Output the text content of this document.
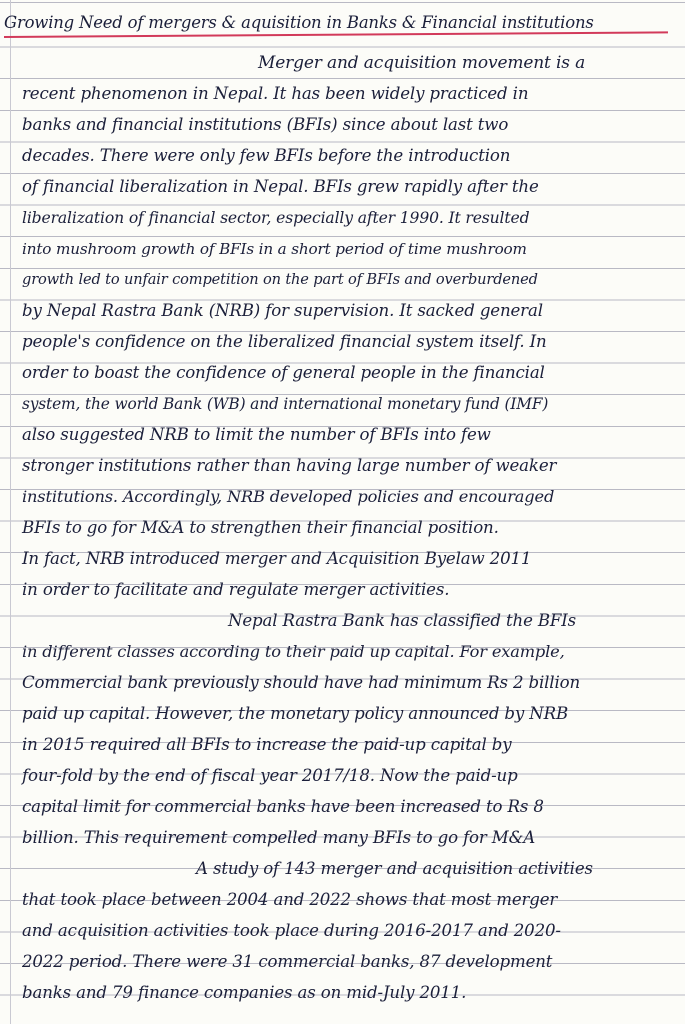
Growing Need of mergers & aquisition in Banks & Financial institutions
Merger and acquisition movement is a
recent phenomenon in Nepal. It has been widely practiced in
banks and financial institutions (BFIs) since about last two
decades. There were only few BFIs before the introduction
of financial liberalization in Nepal. BFIs grew rapidly after the
liberalization of financial sector, especially after 1990. It resulted
into mushroom growth of BFIs in a short period of time mushroom
growth led to unfair competition on the part of BFIs and overburdened
by Nepal Rastra Bank (NRB) for supervision. It sacked general
people's confidence on the liberalized financial system itself. In
order to boast the confidence of general people in the financial
system, the world Bank (WB) and international monetary fund (IMF)
also suggested NRB to limit the number of BFIs into few
stronger institutions rather than having large number of weaker
institutions. Accordingly, NRB developed policies and encouraged
BFIs to go for M&A to strengthen their financial position.
In fact, NRB introduced merger and Acquisition Byelaw 2011
in order to facilitate and regulate merger activities.
Nepal Rastra Bank has classified the BFIs
in different classes according to their paid up capital. For example,
Commercial bank previously should have had minimum Rs 2 billion
paid up capital. However, the monetary policy announced by NRB
in 2015 required all BFIs to increase the paid-up capital by
four-fold by the end of fiscal year 2017/18. Now the paid-up
capital limit for commercial banks have been increased to Rs 8
billion. This requirement compelled many BFIs to go for M&A
A study of 143 merger and acquisition activities
that took place between 2004 and 2022 shows that most merger
and acquisition activities took place during 2016-2017 and 2020-
2022 period. There were 31 commercial banks, 87 development
banks and 79 finance companies as on mid-July 2011.
